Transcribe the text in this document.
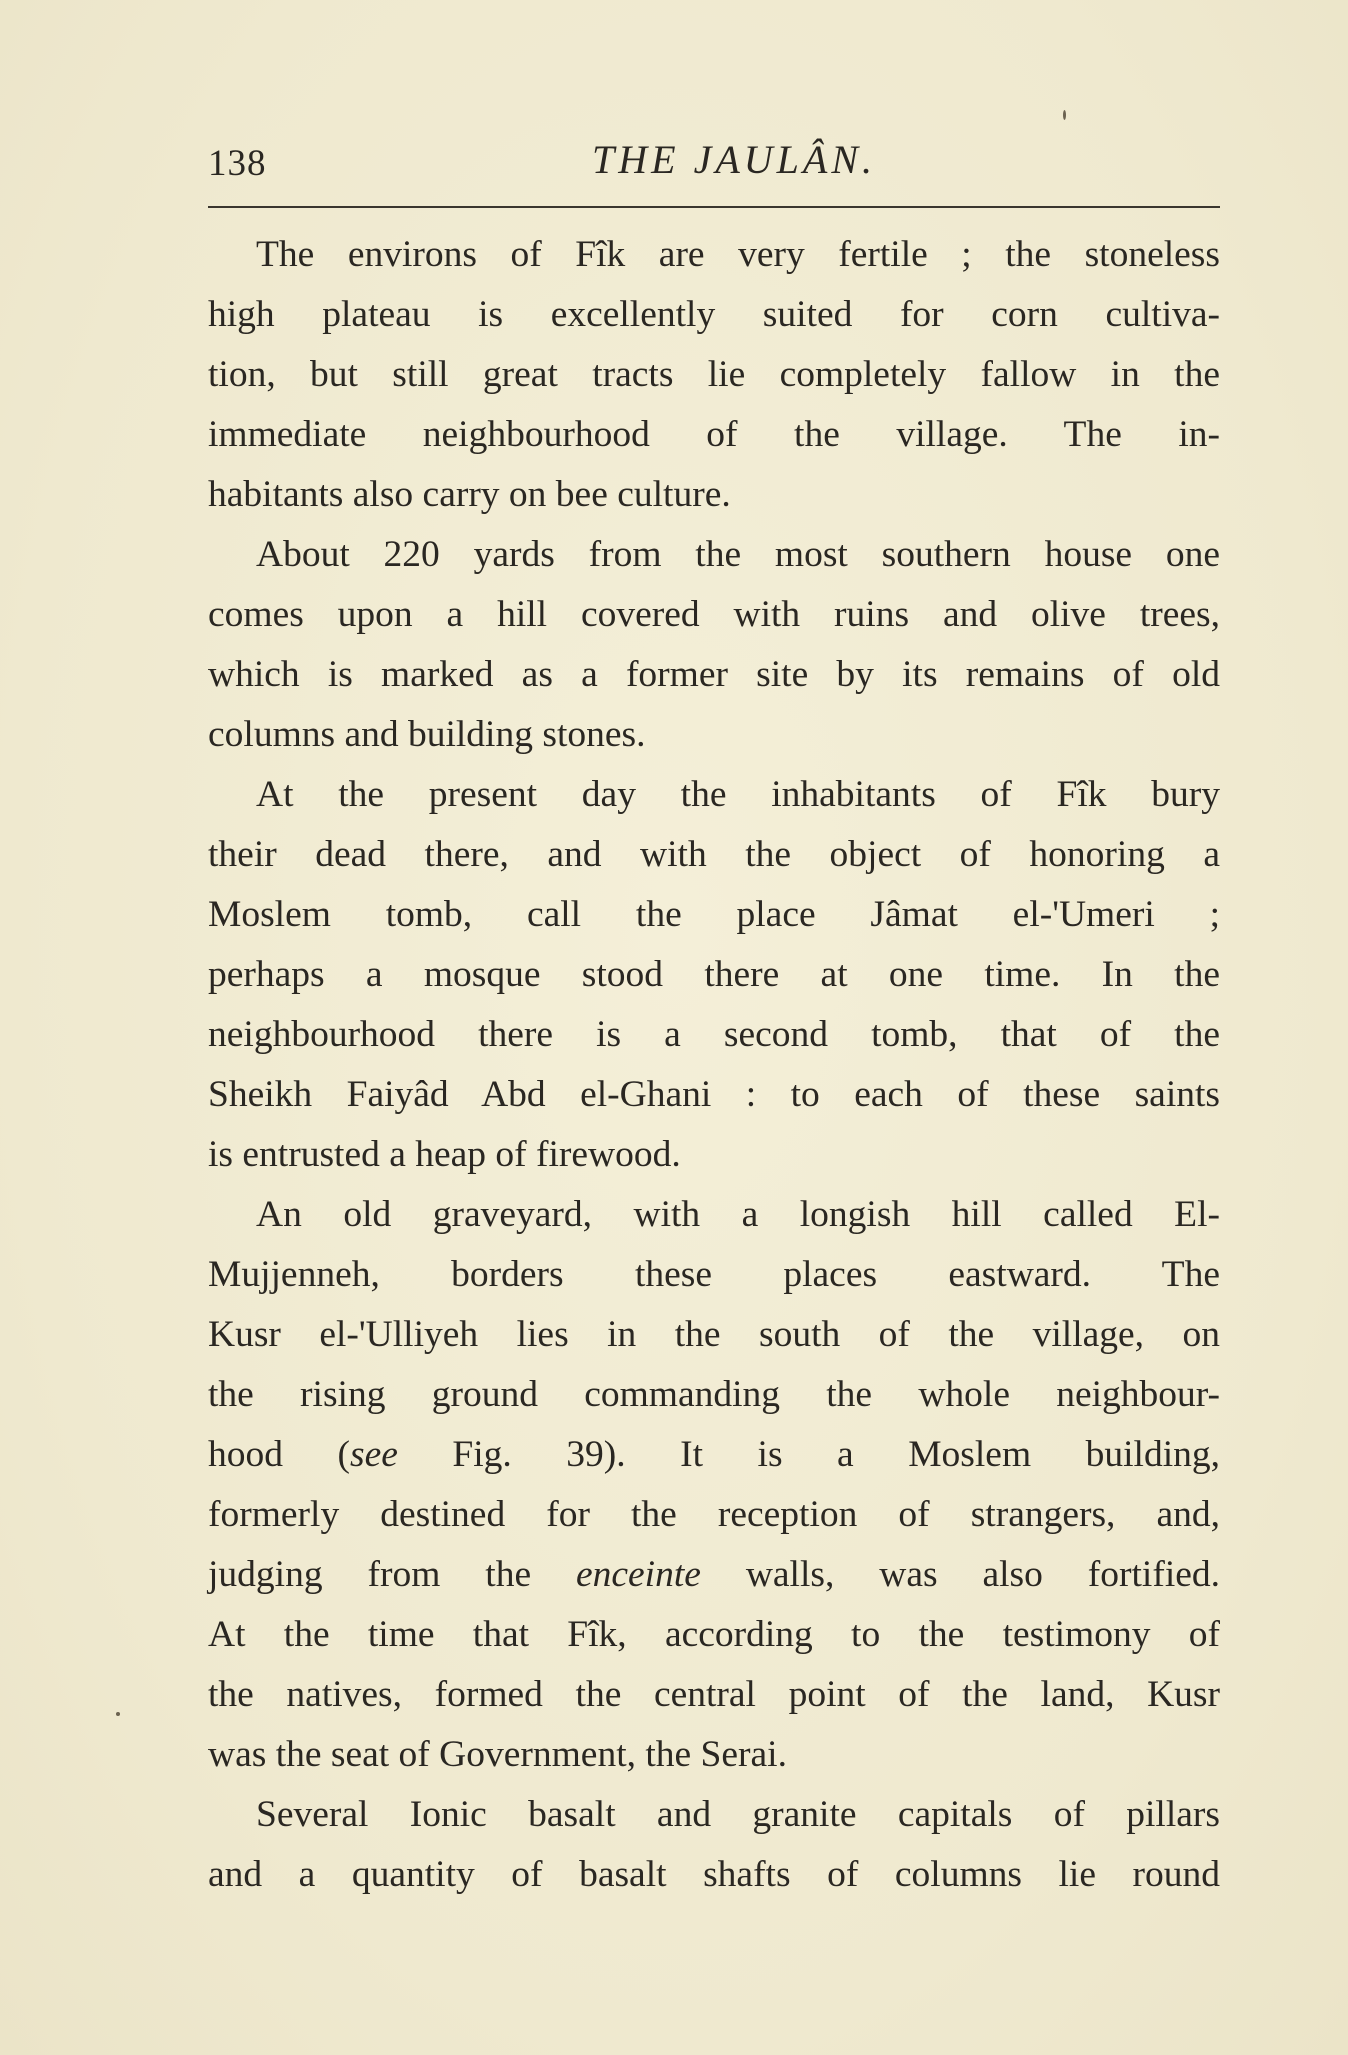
138	THE JAULÂN.
The environs of Fîk are very fertile ; the stoneless
high plateau is excellently suited for corn cultiva-
tion, but still great tracts lie completely fallow in the
immediate neighbourhood of the village. The in-
habitants also carry on bee culture.
About 220 yards from the most southern house one
comes upon a hill covered with ruins and olive trees,
which is marked as a former site by its remains of old
columns and building stones.
At the present day the inhabitants of Fîk bury
their dead there, and with the object of honoring a
Moslem tomb, call the place Jâmat el-'Umeri ;
perhaps a mosque stood there at one time. In the
neighbourhood there is a second tomb, that of the
Sheikh Faiyâd Abd el-Ghani : to each of these saints
is entrusted a heap of firewood.
An old graveyard, with a longish hill called El-
Mujjenneh, borders these places eastward. The
Kusr el-'Ulliyeh lies in the south of the village, on
the rising ground commanding the whole neighbour-
hood (see Fig. 39). It is a Moslem building,
formerly destined for the reception of strangers, and,
judging from the enceinte walls, was also fortified.
At the time that Fîk, according to the testimony of
the natives, formed the central point of the land, Kusr
was the seat of Government, the Serai.
Several Ionic basalt and granite capitals of pillars
and a quantity of basalt shafts of columns lie round
